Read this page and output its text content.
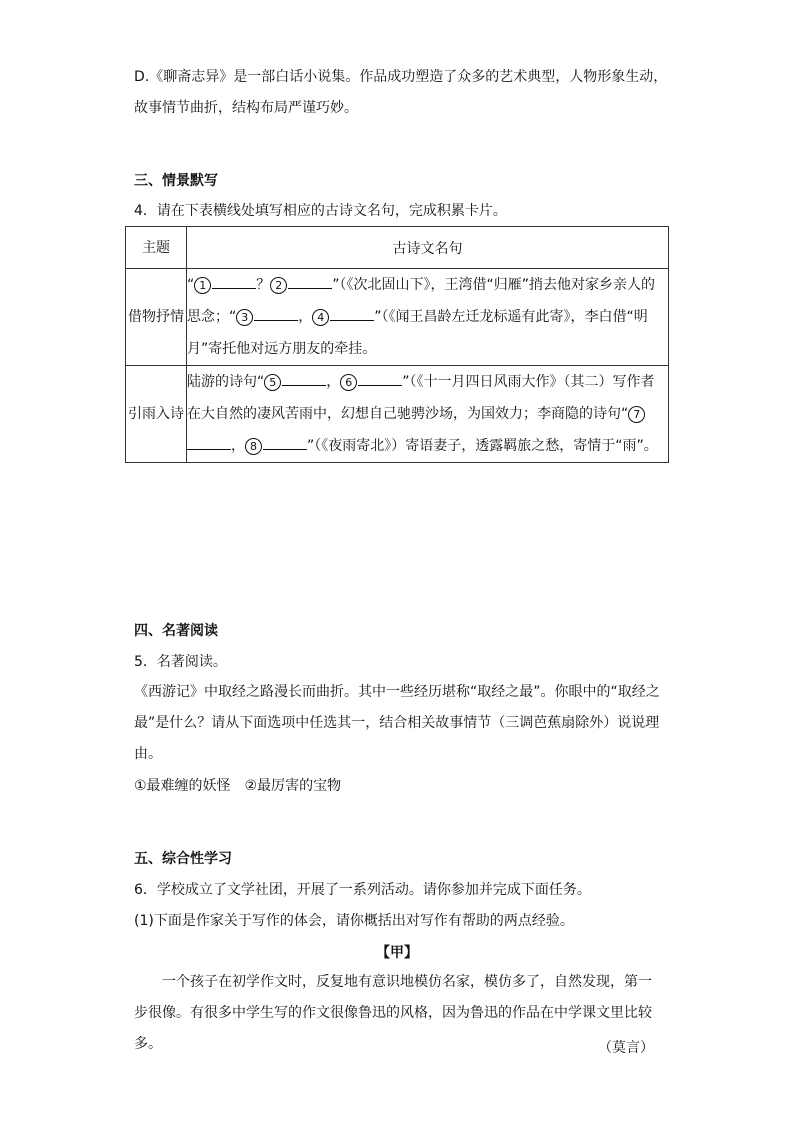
D.《聊斋志异》是一部白话小说集。作品成功塑造了众多的艺术典型，人物形象生动，
故事情节曲折，结构布局严谨巧妙。
三、情景默写
4．请在下表横线处填写相应的古诗文名句，完成积累卡片。
主题	古诗文名句
借物抒情	“ 1 ？ 2 ”（《次北固山下》，王湾借“归雁”捎去他对家乡亲人的思念；“ 3 ， 4 ”（《闻王昌龄左迁龙标遥有此寄》，李白借“明月”寄托他对远方朋友的牵挂。
引雨入诗	陆游的诗句“ 5 ， 6 ”（《十一月四日风雨大作》（其二）写作者在大自然的凄风苦雨中，幻想自己驰骋沙场，为国效力；李商隐的诗句“ 7， 8 ”（《夜雨寄北》）寄语妻子，透露羁旅之愁，寄情于“雨”。
四、名著阅读
5．名著阅读。
《西游记》中取经之路漫长而曲折。其中一些经历堪称“取经之最”。你眼中的“取经之最”是什么？请从下面选项中任选其一，结合相关故事情节（三调芭蕉扇除外）说说理由。
①最难缠的妖怪　②最厉害的宝物
五、综合性学习
6．学校成立了文学社团，开展了一系列活动。请你参加并完成下面任务。
(1)下面是作家关于写作的体会，请你概括出对写作有帮助的两点经验。
【甲】
一个孩子在初学作文时，反复地有意识地模仿名家，模仿多了，自然发现，第一步很像。有很多中学生写的作文很像鲁迅的风格，因为鲁迅的作品在中学课文里比较多。	（莫言）
